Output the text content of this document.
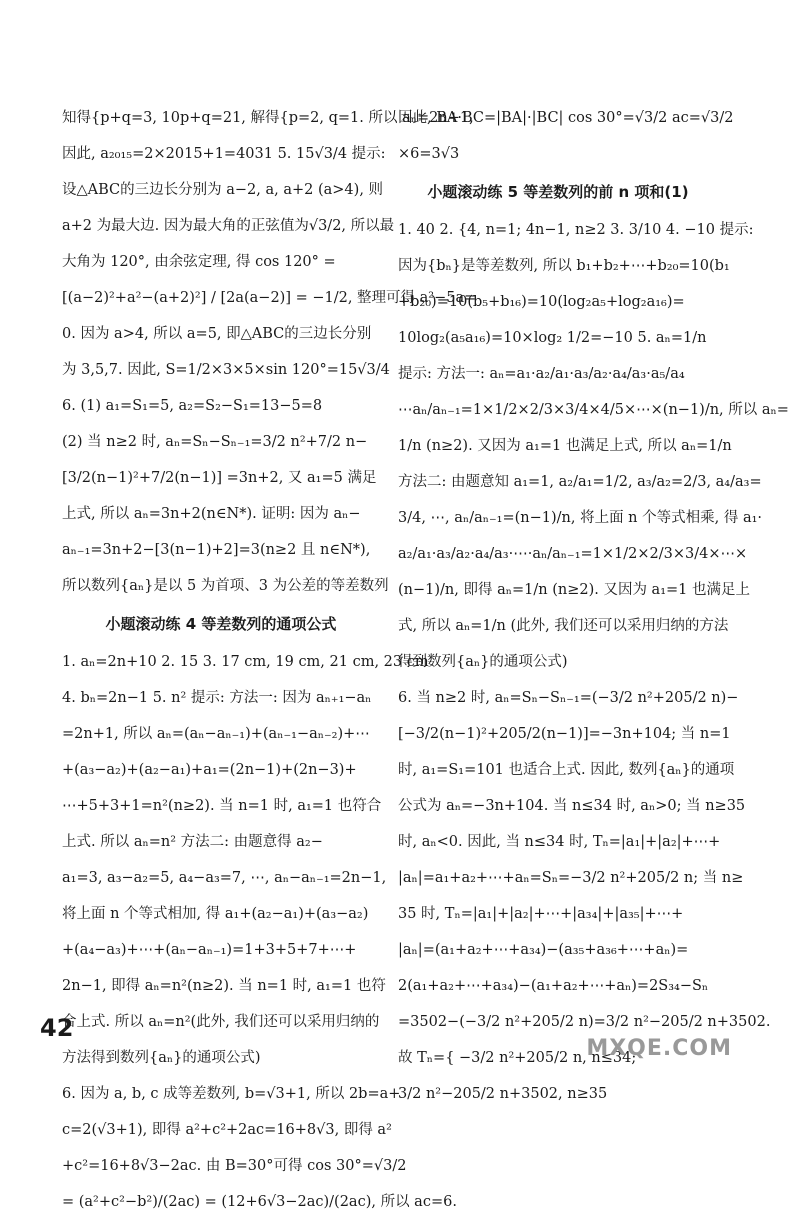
知得{p+q=3, 10p+q=21, 解得{p=2, q=1. 所以 aₙ=2n+1,
因此, a₂₀₁₅=2×2015+1=4031 5. 15√3/4 提示:
设△ABC的三边长分别为 a−2, a, a+2 (a>4), 则
a+2 为最大边. 因为最大角的正弦值为√3/2, 所以最
大角为 120°, 由余弦定理, 得 cos 120° =
[(a−2)²+a²−(a+2)²] / [2a(a−2)] = −1/2, 整理可得 a²−5a=
0. 因为 a>4, 所以 a=5, 即△ABC的三边长分别
为 3,5,7. 因此, S=1/2×3×5×sin 120°=15√3/4
6. (1) a₁=S₁=5, a₂=S₂−S₁=13−5=8
(2) 当 n≥2 时, aₙ=Sₙ−Sₙ₋₁=3/2 n²+7/2 n−
[3/2(n−1)²+7/2(n−1)] =3n+2, 又 a₁=5 满足
上式, 所以 aₙ=3n+2(n∈N*). 证明: 因为 aₙ−
aₙ₋₁=3n+2−[3(n−1)+2]=3(n≥2 且 n∈N*),
所以数列{aₙ}是以 5 为首项、3 为公差的等差数列
小题滚动练 4 等差数列的通项公式
1. aₙ=2n+10 2. 15 3. 17 cm, 19 cm, 21 cm, 23 cm
4. bₙ=2n−1 5. n² 提示: 方法一: 因为 aₙ₊₁−aₙ
=2n+1, 所以 aₙ=(aₙ−aₙ₋₁)+(aₙ₋₁−aₙ₋₂)+⋯
+(a₃−a₂)+(a₂−a₁)+a₁=(2n−1)+(2n−3)+
⋯+5+3+1=n²(n≥2). 当 n=1 时, a₁=1 也符合
上式. 所以 aₙ=n² 方法二: 由题意得 a₂−
a₁=3, a₃−a₂=5, a₄−a₃=7, ⋯, aₙ−aₙ₋₁=2n−1,
将上面 n 个等式相加, 得 a₁+(a₂−a₁)+(a₃−a₂)
+(a₄−a₃)+⋯+(aₙ−aₙ₋₁)=1+3+5+7+⋯+
2n−1, 即得 aₙ=n²(n≥2). 当 n=1 时, a₁=1 也符
合上式. 所以 aₙ=n²(此外, 我们还可以采用归纳的
方法得到数列{aₙ}的通项公式)
6. 因为 a, b, c 成等差数列, b=√3+1, 所以 2b=a+
c=2(√3+1), 即得 a²+c²+2ac=16+8√3, 即得 a²
+c²=16+8√3−2ac. 由 B=30°可得 cos 30°=√3/2
= (a²+c²−b²)/(2ac) = (12+6√3−2ac)/(2ac), 所以 ac=6.
因此, BA·BC=|BA|·|BC| cos 30°=√3/2 ac=√3/2
×6=3√3
小题滚动练 5 等差数列的前 n 项和(1)
1. 40 2. {4, n=1; 4n−1, n≥2 3. 3/10 4. −10 提示:
因为{bₙ}是等差数列, 所以 b₁+b₂+⋯+b₂₀=10(b₁
+b₂₀)=10(b₅+b₁₆)=10(log₂a₅+log₂a₁₆)=
10log₂(a₅a₁₆)=10×log₂ 1/2=−10 5. aₙ=1/n
提示: 方法一: aₙ=a₁·a₂/a₁·a₃/a₂·a₄/a₃·a₅/a₄
⋯aₙ/aₙ₋₁=1×1/2×2/3×3/4×4/5×⋯×(n−1)/n, 所以 aₙ=
1/n (n≥2). 又因为 a₁=1 也满足上式, 所以 aₙ=1/n
方法二: 由题意知 a₁=1, a₂/a₁=1/2, a₃/a₂=2/3, a₄/a₃=
3/4, ⋯, aₙ/aₙ₋₁=(n−1)/n, 将上面 n 个等式相乘, 得 a₁·
a₂/a₁·a₃/a₂·a₄/a₃·⋯·aₙ/aₙ₋₁=1×1/2×2/3×3/4×⋯×
(n−1)/n, 即得 aₙ=1/n (n≥2). 又因为 a₁=1 也满足上
式, 所以 aₙ=1/n (此外, 我们还可以采用归纳的方法
得到数列{aₙ}的通项公式)
6. 当 n≥2 时, aₙ=Sₙ−Sₙ₋₁=(−3/2 n²+205/2 n)−
[−3/2(n−1)²+205/2(n−1)]=−3n+104; 当 n=1
时, a₁=S₁=101 也适合上式. 因此, 数列{aₙ}的通项
公式为 aₙ=−3n+104. 当 n≤34 时, aₙ>0; 当 n≥35
时, aₙ<0. 因此, 当 n≤34 时, Tₙ=|a₁|+|a₂|+⋯+
|aₙ|=a₁+a₂+⋯+aₙ=Sₙ=−3/2 n²+205/2 n; 当 n≥
35 时, Tₙ=|a₁|+|a₂|+⋯+|a₃₄|+|a₃₅|+⋯+
|aₙ|=(a₁+a₂+⋯+a₃₄)−(a₃₅+a₃₆+⋯+aₙ)=
2(a₁+a₂+⋯+a₃₄)−(a₁+a₂+⋯+aₙ)=2S₃₄−Sₙ
=3502−(−3/2 n²+205/2 n)=3/2 n²−205/2 n+3502.
故 Tₙ={ −3/2 n²+205/2 n, n≤34;
3/2 n²−205/2 n+3502, n≥35
42
MXQE.COM
